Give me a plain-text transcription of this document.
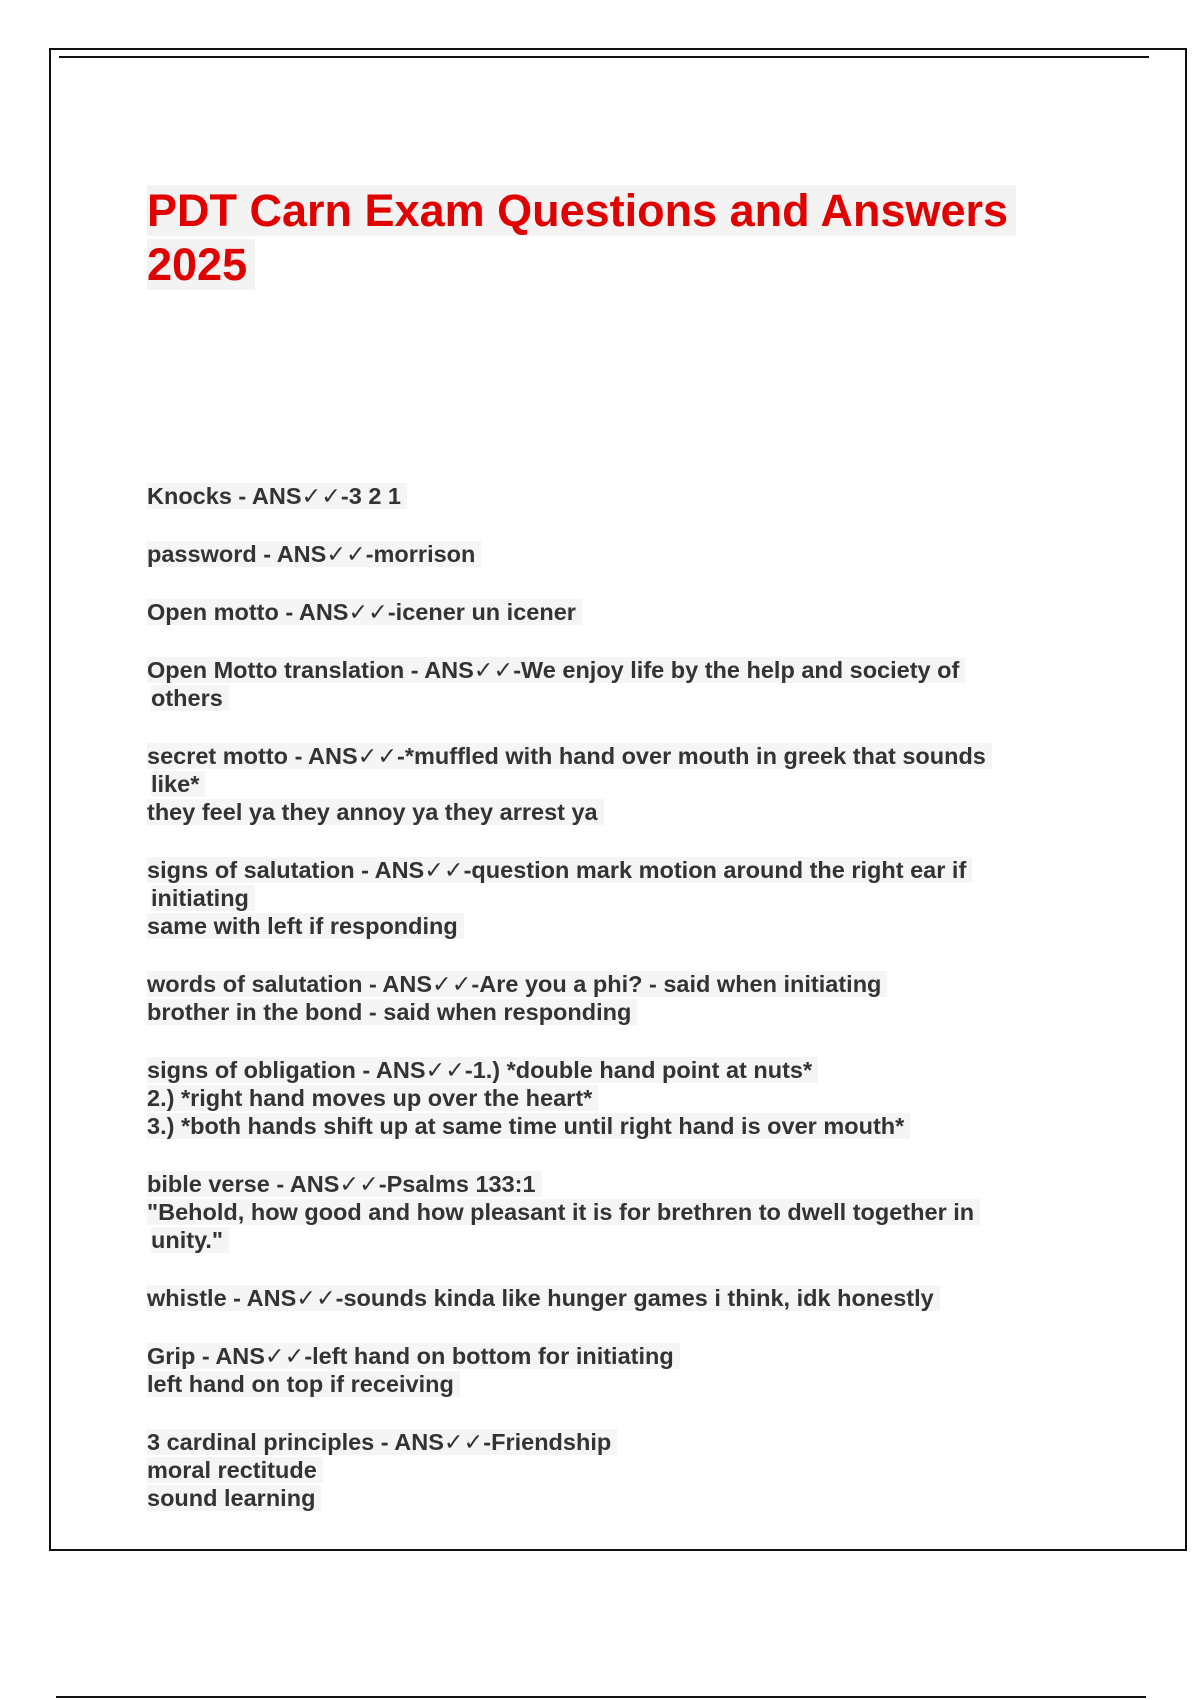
PDT Carn Exam Questions and Answers
2025
Knocks - ANS✓✓-3 2 1
password - ANS✓✓-morrison
Open motto - ANS✓✓-icener un icener
Open Motto translation - ANS✓✓-We enjoy life by the help and society of
others
secret motto - ANS✓✓-*muffled with hand over mouth in greek that sounds
like*
they feel ya they annoy ya they arrest ya
signs of salutation - ANS✓✓-question mark motion around the right ear if
initiating
same with left if responding
words of salutation - ANS✓✓-Are you a phi? - said when initiating
brother in the bond - said when responding
signs of obligation - ANS✓✓-1.) *double hand point at nuts*
2.) *right hand moves up over the heart*
3.) *both hands shift up at same time until right hand is over mouth*
bible verse - ANS✓✓-Psalms 133:1
"Behold, how good and how pleasant it is for brethren to dwell together in
unity."
whistle - ANS✓✓-sounds kinda like hunger games i think, idk honestly
Grip - ANS✓✓-left hand on bottom for initiating
left hand on top if receiving
3 cardinal principles - ANS✓✓-Friendship
moral rectitude
sound learning
